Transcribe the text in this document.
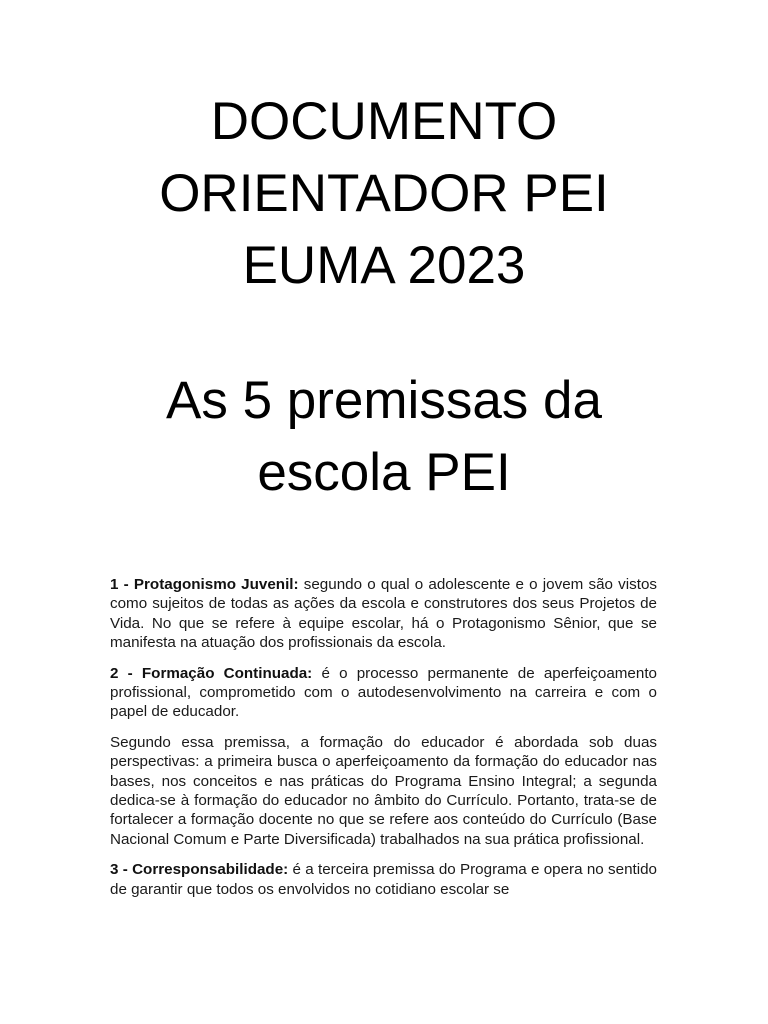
DOCUMENTO
ORIENTADOR PEI
EUMA 2023
As 5 premissas da
escola PEI

1 - Protagonismo Juvenil: segundo o qual o adolescente e o jovem são vistos como sujeitos de todas as ações da escola e construtores dos seus Projetos de Vida. No que se refere à equipe escolar, há o Protagonismo Sênior, que se manifesta na atuação dos profissionais da escola.

2 - Formação Continuada: é o processo permanente de aperfeiçoamento profissional, comprometido com o autodesenvolvimento na carreira e com o papel de educador.

Segundo essa premissa, a formação do educador é abordada sob duas perspectivas: a primeira busca o aperfeiçoamento da formação do educador nas bases, nos conceitos e nas práticas do Programa Ensino Integral; a segunda dedica-se à formação do educador no âmbito do Currículo. Portanto, trata-se de fortalecer a formação docente no que se refere aos conteúdo do Currículo (Base Nacional Comum e Parte Diversificada) trabalhados na sua prática profissional.

3 - Corresponsabilidade: é a terceira premissa do Programa e opera no sentido de garantir que todos os envolvidos no cotidiano escolar se
